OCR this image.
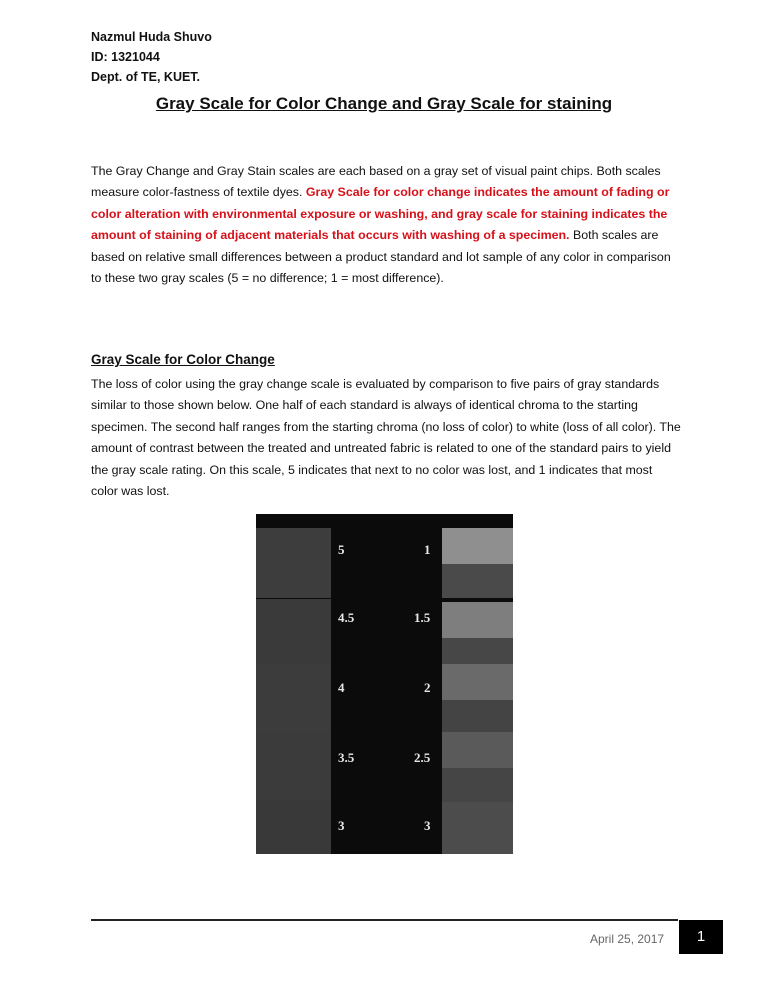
Nazmul Huda Shuvo
ID: 1321044
Dept. of TE, KUET.
Gray Scale for Color Change and Gray Scale for staining
The Gray Change and Gray Stain scales are each based on a gray set of visual paint chips. Both scales measure color-fastness of textile dyes. Gray Scale for color change indicates the amount of fading or color alteration with environmental exposure or washing, and gray scale for staining indicates the amount of staining of adjacent materials that occurs with washing of a specimen. Both scales are based on relative small differences between a product standard and lot sample of any color in comparison to these two gray scales (5 = no difference; 1 = most difference).
Gray Scale for Color Change
The loss of color using the gray change scale is evaluated by comparison to five pairs of gray standards similar to those shown below. One half of each standard is always of identical chroma to the starting specimen. The second half ranges from the starting chroma (no loss of color) to white (loss of all color). The amount of contrast between the treated and untreated fabric is related to one of the standard pairs to yield the gray scale rating. On this scale, 5 indicates that next to no color was lost, and 1 indicates that most color was lost.
5
4.5
4
3.5
3
1
1.5
2
2.5
3
April 25, 2017	1
